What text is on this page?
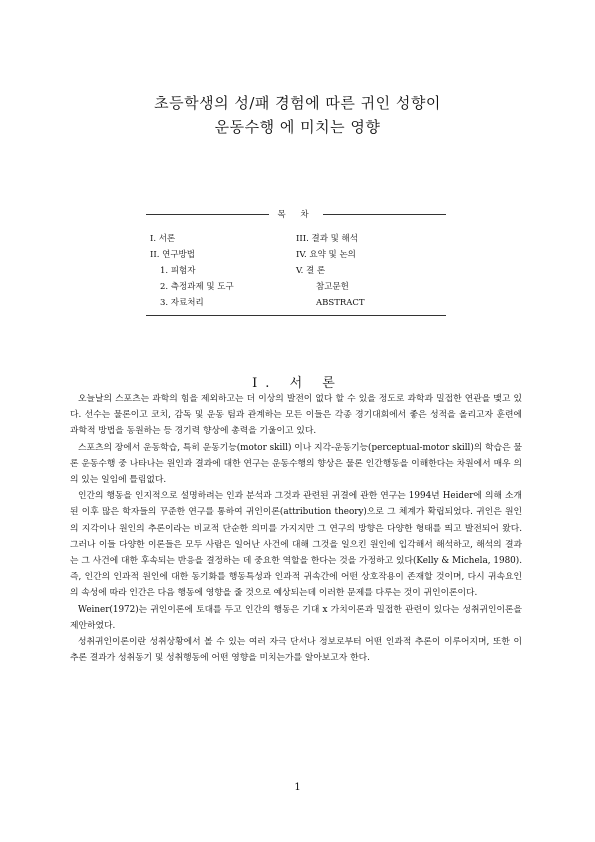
초등학생의 성/패 경험에 따른 귀인 성향이
운동수행 에 미치는 영향
목 차
I. 서론
II. 연구방법
1. 피험자
2. 측정과제 및 도구
3. 자료처리
III. 결과 및 해석
IV. 요약 및 논의
V. 결 론
참고문헌
ABSTRACT
I. 서 론

오늘날의 스포츠는 과학의 힘을 제외하고는 더 이상의 발전이 없다 할 수 있을 정도로 과학과 밀접한 연관을 맺고 있다. 선수는 물론이고 코치, 감독 및 운동 팀과 관계하는 모든 이들은 각종 경기대회에서 좋은 성적을 올리고자 훈련에 과학적 방법을 동원하는 등 경기력 향상에 총력을 기울이고 있다.

스포츠의 장에서 운동학습, 특히 운동기능(motor skill) 이나 지각-운동기능(perceptual-motor skill)의 학습은 물론 운동수행 중 나타나는 원인과 결과에 대한 연구는 운동수행의 향상은 물론 인간행동을 이해한다는 차원에서 매우 의의 있는 일임에 틀림없다.

인간의 행동을 인지적으로 설명하려는 인과 분석과 그것과 관련된 귀결에 관한 연구는 1994년 Heider에 의해 소개된 이후 많은 학자들의 꾸준한 연구를 통하여 귀인이론(attribution theory)으로 그 체계가 확립되었다. 귀인은 원인의 지각이나 원인의 추론이라는 비교적 단순한 의미를 가지지만 그 연구의 방향은 다양한 형태를 띄고 발전되어 왔다. 그러나 이들 다양한 이론들은 모두 사람은 일어난 사건에 대해 그것을 일으킨 원인에 입각해서 해석하고, 해석의 결과는 그 사건에 대한 후속되는 반응을 결정하는 데 중요한 역할을 한다는 것을 가정하고 있다(Kelly & Michela, 1980). 즉, 인간의 인과적 원인에 대한 동기화를 행동특성과 인과적 귀속간에 어떤 상호작용이 존재할 것이며, 다시 귀속요인의 속성에 따라 인간은 다음 행동에 영향을 줄 것으로 예상되는데 이러한 문제를 다루는 것이 귀인이론이다.

Weiner(1972)는 귀인이론에 토대를 두고 인간의 행동은 기대 x 가치이론과 밀접한 관련이 있다는 성취귀인이론을 제안하였다.

성취귀인이론이란 성취상황에서 볼 수 있는 여러 자극 단서나 정보로부터 어떤 인과적 추론이 이루어지며, 또한 이 추론 결과가 성취동기 및 성취행동에 어떤 영향을 미치는가를 알아보고자 한다.

1
